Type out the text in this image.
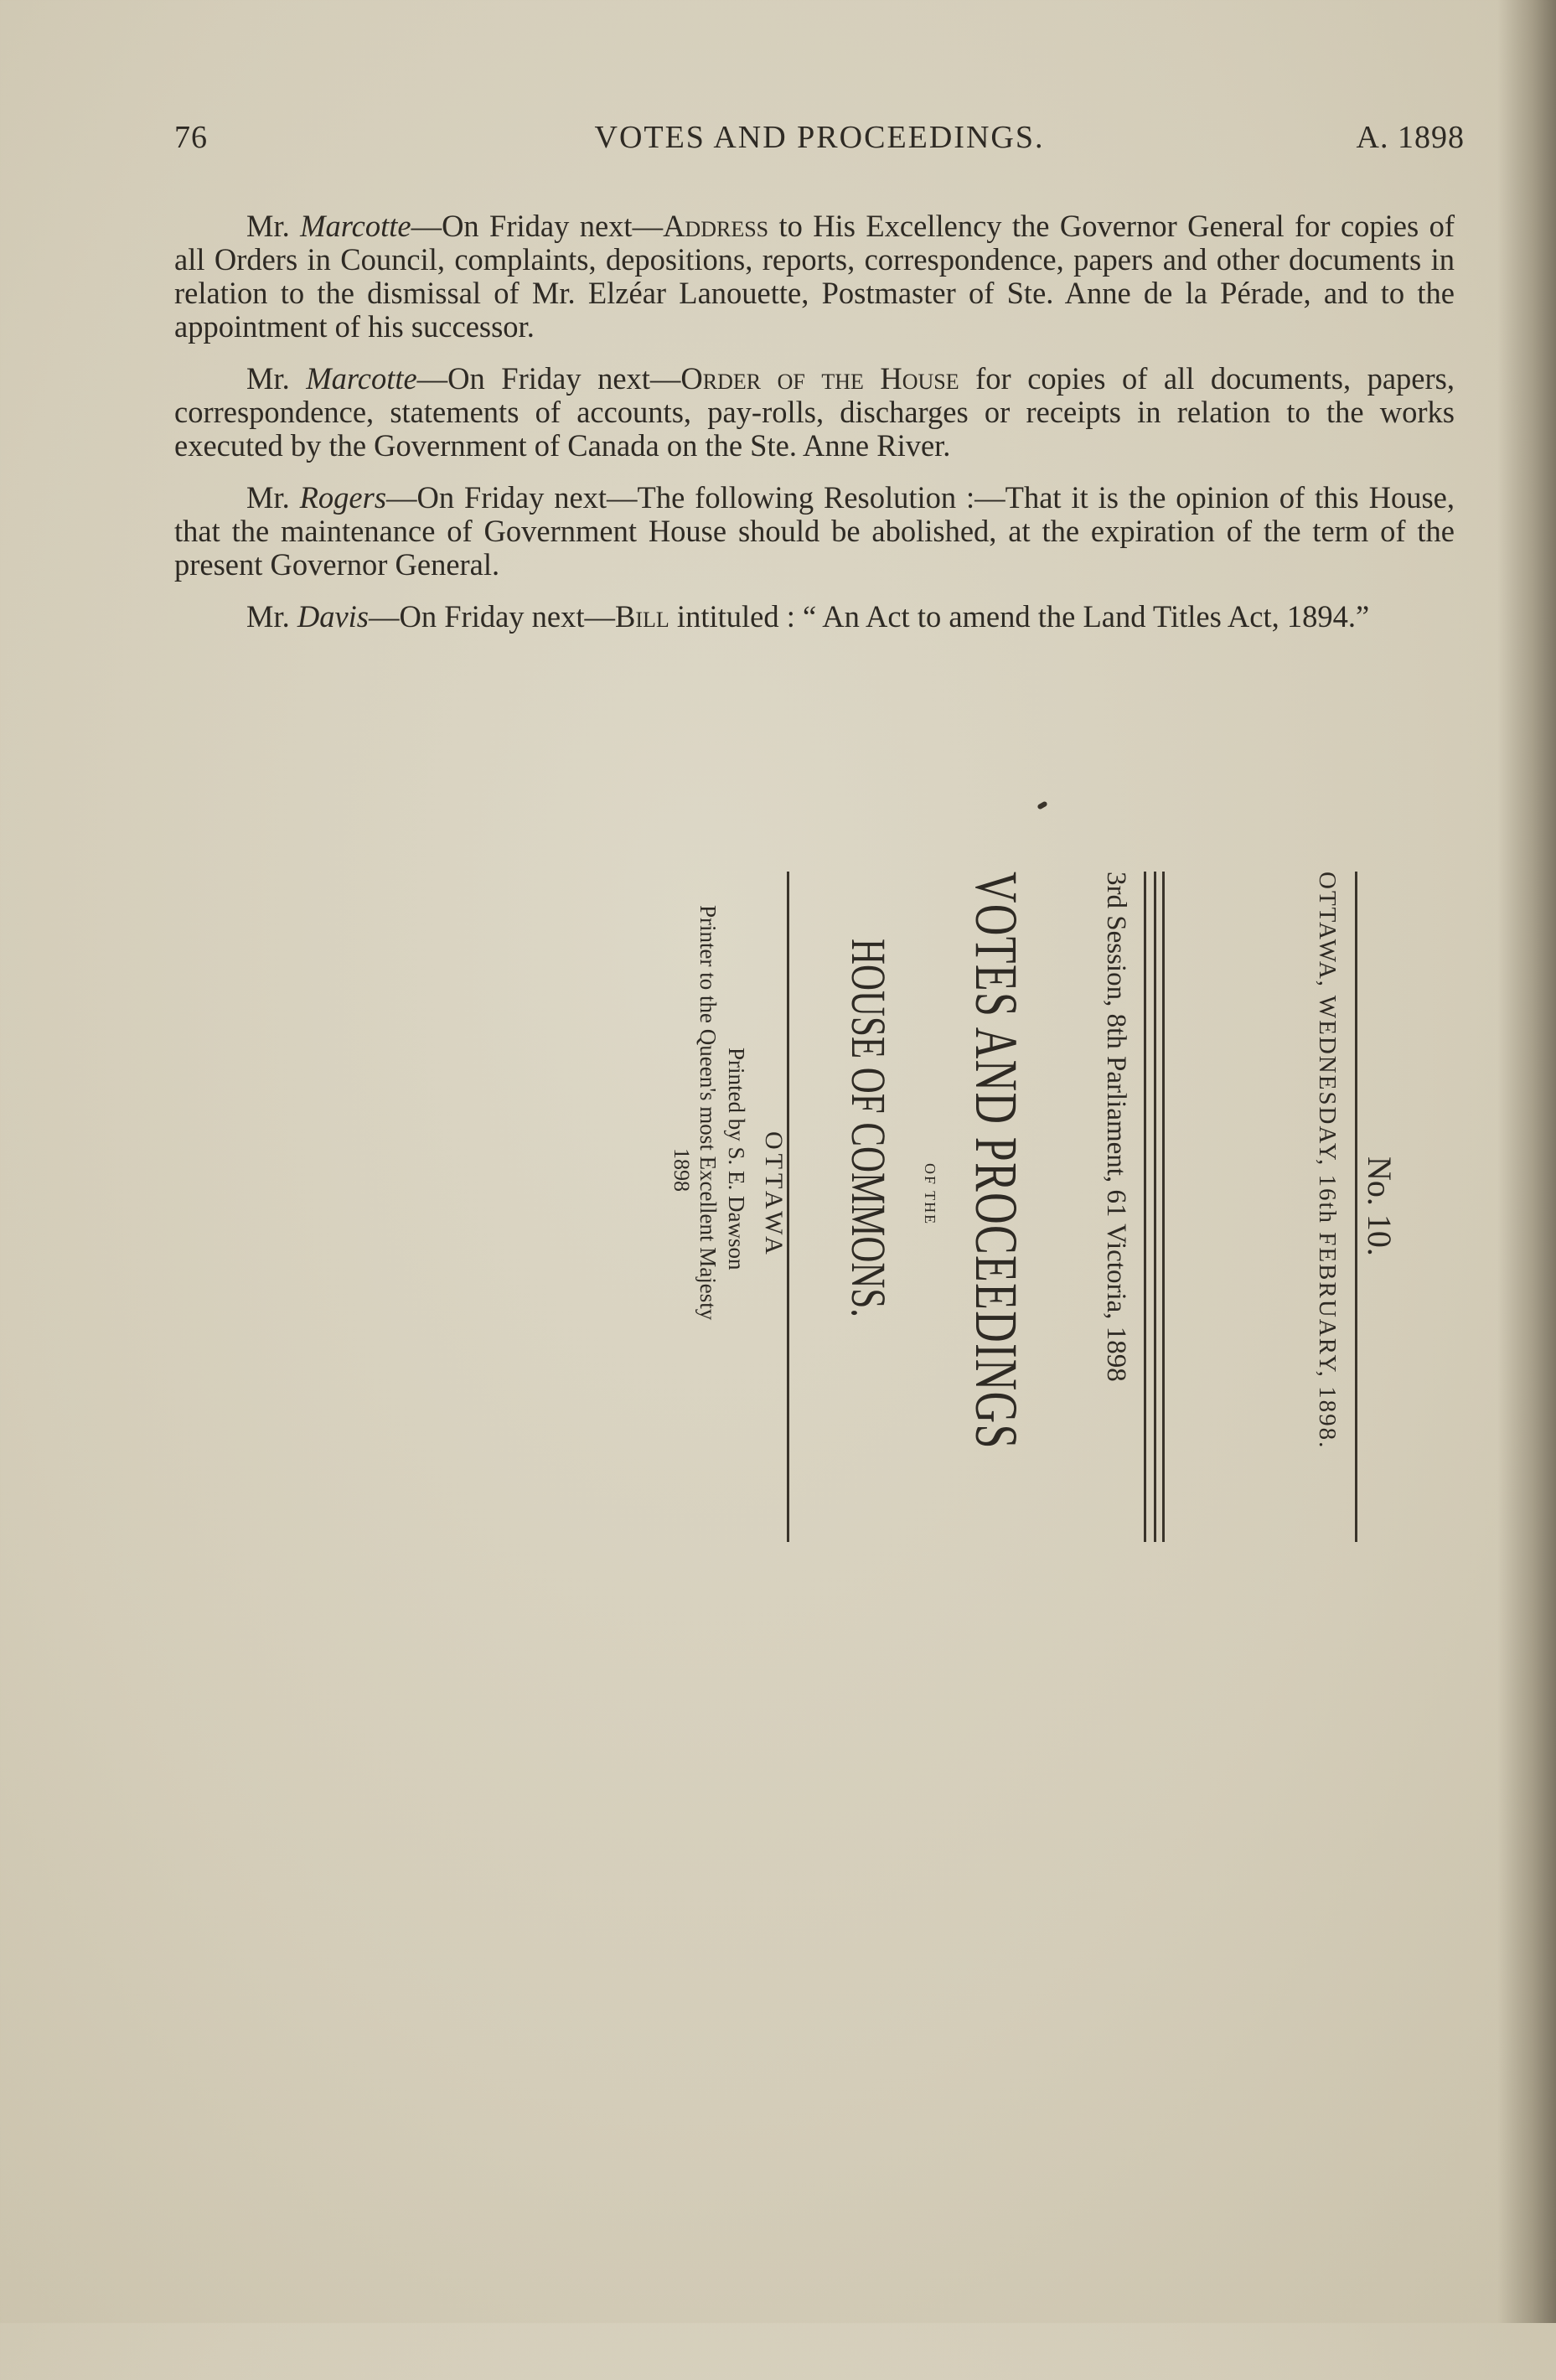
76	VOTES AND PROCEEDINGS.	A. 1898

Mr. Marcotte—On Friday next—Address to His Excellency the Governor General for copies of all Orders in Council, complaints, depositions, reports, correspondence, papers and other documents in relation to the dismissal of Mr. Elzéar Lanouette, Postmaster of Ste. Anne de la Pérade, and to the appointment of his successor.

Mr. Marcotte—On Friday next—Order of the House for copies of all documents, papers, correspondence, statements of accounts, pay-rolls, discharges or receipts in relation to the works executed by the Government of Canada on the Ste. Anne River.

Mr. Rogers—On Friday next—The following Resolution :—That it is the opinion of this House, that the maintenance of Government House should be abolished, at the expiration of the term of the present Governor General.

Mr. Davis—On Friday next—Bill intituled : “ An Act to amend the Land Titles Act, 1894.”

No. 10.
OTTAWA, WEDNESDAY, 16th FEBRUARY, 1898.
3rd Session, 8th Parliament, 61 Victoria, 1898
VOTES AND PROCEEDINGS
OF THE
HOUSE OF COMMONS.
OTTAWA
Printed by S. E. Dawson
Printer to the Queen's most Excellent Majesty
1898
